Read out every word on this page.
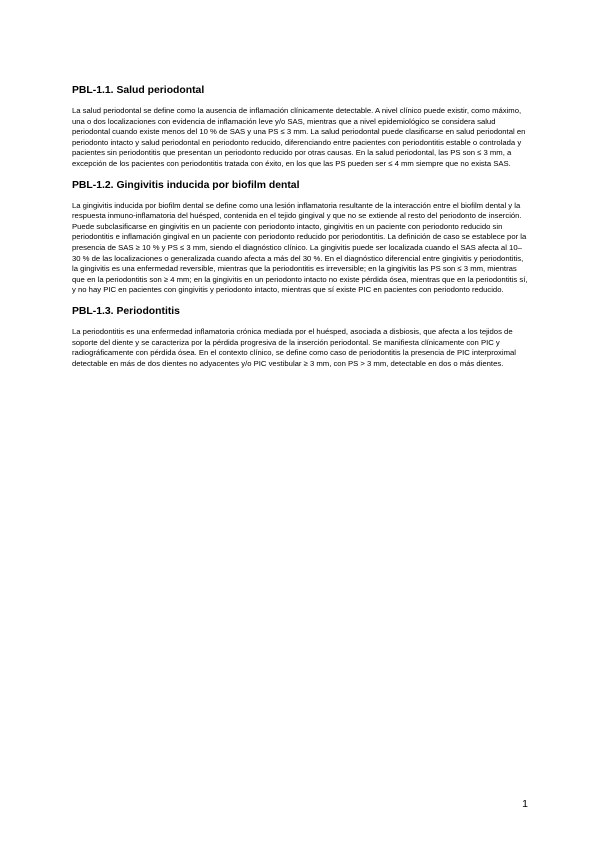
PBL-1.1. Salud periodontal

La salud periodontal se define como la ausencia de inflamación clínicamente detectable. A nivel clínico puede existir, como máximo, una o dos localizaciones con evidencia de inflamación leve y/o SAS, mientras que a nivel epidemiológico se considera salud periodontal cuando existe menos del 10 % de SAS y una PS ≤ 3 mm. La salud periodontal puede clasificarse en salud periodontal en periodonto intacto y salud periodontal en periodonto reducido, diferenciando entre pacientes con periodontitis estable o controlada y pacientes sin periodontitis que presentan un periodonto reducido por otras causas. En la salud periodontal, las PS son ≤ 3 mm, a excepción de los pacientes con periodontitis tratada con éxito, en los que las PS pueden ser ≤ 4 mm siempre que no exista SAS.

PBL-1.2. Gingivitis inducida por biofilm dental

La gingivitis inducida por biofilm dental se define como una lesión inflamatoria resultante de la interacción entre el biofilm dental y la respuesta inmuno-inflamatoria del huésped, contenida en el tejido gingival y que no se extiende al resto del periodonto de inserción. Puede subclasificarse en gingivitis en un paciente con periodonto intacto, gingivitis en un paciente con periodonto reducido sin periodontitis e inflamación gingival en un paciente con periodonto reducido por periodontitis. La definición de caso se establece por la presencia de SAS ≥ 10 % y PS ≤ 3 mm, siendo el diagnóstico clínico. La gingivitis puede ser localizada cuando el SAS afecta al 10–30 % de las localizaciones o generalizada cuando afecta a más del 30 %. En el diagnóstico diferencial entre gingivitis y periodontitis, la gingivitis es una enfermedad reversible, mientras que la periodontitis es irreversible; en la gingivitis las PS son ≤ 3 mm, mientras que en la periodontitis son ≥ 4 mm; en la gingivitis en un periodonto intacto no existe pérdida ósea, mientras que en la periodontitis sí, y no hay PIC en pacientes con gingivitis y periodonto intacto, mientras que sí existe PIC en pacientes con periodonto reducido.

PBL-1.3. Periodontitis

La periodontitis es una enfermedad inflamatoria crónica mediada por el huésped, asociada a disbiosis, que afecta a los tejidos de soporte del diente y se caracteriza por la pérdida progresiva de la inserción periodontal. Se manifiesta clínicamente con PIC y radiográficamente con pérdida ósea. En el contexto clínico, se define como caso de periodontitis la presencia de PIC interproximal detectable en más de dos dientes no adyacentes y/o PIC vestibular ≥ 3 mm, con PS > 3 mm, detectable en dos o más dientes.

1
